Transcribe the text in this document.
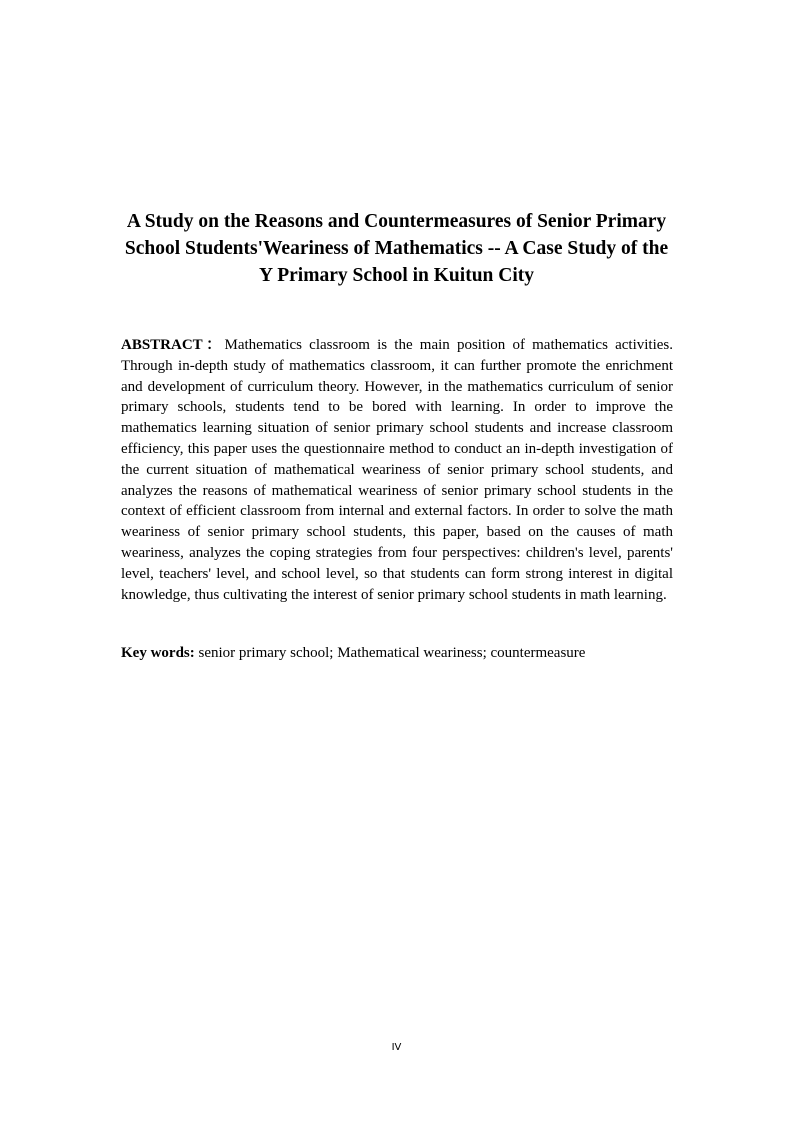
A Study on the Reasons and Countermeasures of Senior Primary School Students'Weariness of Mathematics -- A Case Study of the Y Primary School in Kuitun City

ABSTRACT：Mathematics classroom is the main position of mathematics activities. Through in-depth study of mathematics classroom, it can further promote the enrichment and development of curriculum theory. However, in the mathematics curriculum of senior primary schools, students tend to be bored with learning. In order to improve the mathematics learning situation of senior primary school students and increase classroom efficiency, this paper uses the questionnaire method to conduct an in-depth investigation of the current situation of mathematical weariness of senior primary school students, and analyzes the reasons of mathematical weariness of senior primary school students in the context of efficient classroom from internal and external factors. In order to solve the math weariness of senior primary school students, this paper, based on the causes of math weariness, analyzes the coping strategies from four perspectives: children's level, parents' level, teachers' level, and school level, so that students can form strong interest in digital knowledge, thus cultivating the interest of senior primary school students in math learning.

Key words: senior primary school; Mathematical weariness; countermeasure

IV
